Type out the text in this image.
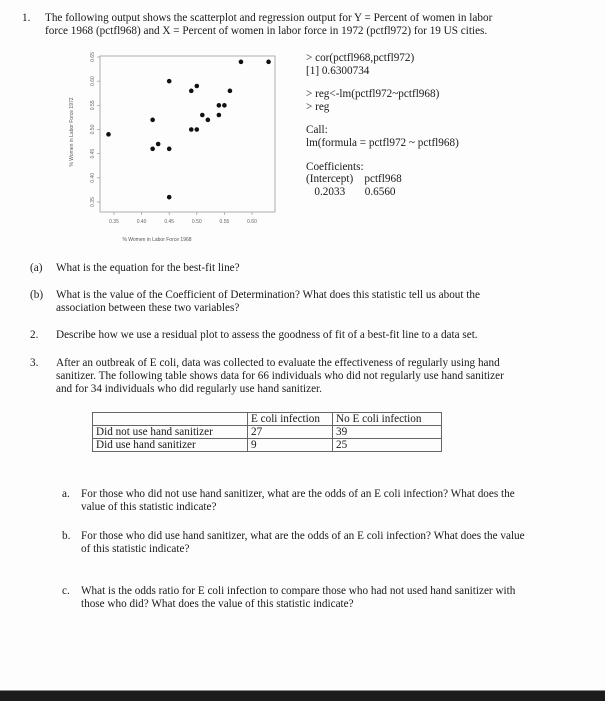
1. The following output shows the scatterplot and regression output for Y = Percent of women in labor
force 1968 (pctfl968) and X = Percent of women in labor force in 1972 (pctfl972) for 19 US cities.
0.35
0.40
0.45
0.50
0.55
0.60
0.65
0.35	0.40	0.45	0.50	0.55	0.60
% Women in Labor Force 1968
% Women in Labor Force 1972
> cor(pctfl968,pctfl972)
[1] 0.6300734
> reg<-lm(pctfl972~pctfl968)
> reg
Call:
lm(formula = pctfl972 ~ pctfl968)
Coefficients:
(Intercept)    pctfl968
0.2033       0.6560
(a) What is the equation for the best-fit line?
(b) What is the value of the Coefficient of Determination? What does this statistic tell us about the
association between these two variables?
2. Describe how we use a residual plot to assess the goodness of fit of a best-fit line to a data set.
3. After an outbreak of E coli, data was collected to evaluate the effectiveness of regularly using hand
sanitizer. The following table shows data for 66 individuals who did not regularly use hand sanitizer
and for 34 individuals who did regularly use hand sanitizer.
	E coli infection	No E coli infection
Did not use hand sanitizer	27	39
Did use hand sanitizer	9	25
a. For those who did not use hand sanitizer, what are the odds of an E coli infection? What does the
value of this statistic indicate?
b. For those who did use hand sanitizer, what are the odds of an E coli infection? What does the value
of this statistic indicate?
c. What is the odds ratio for E coli infection to compare those who had not used hand sanitizer with
those who did? What does the value of this statistic indicate?
